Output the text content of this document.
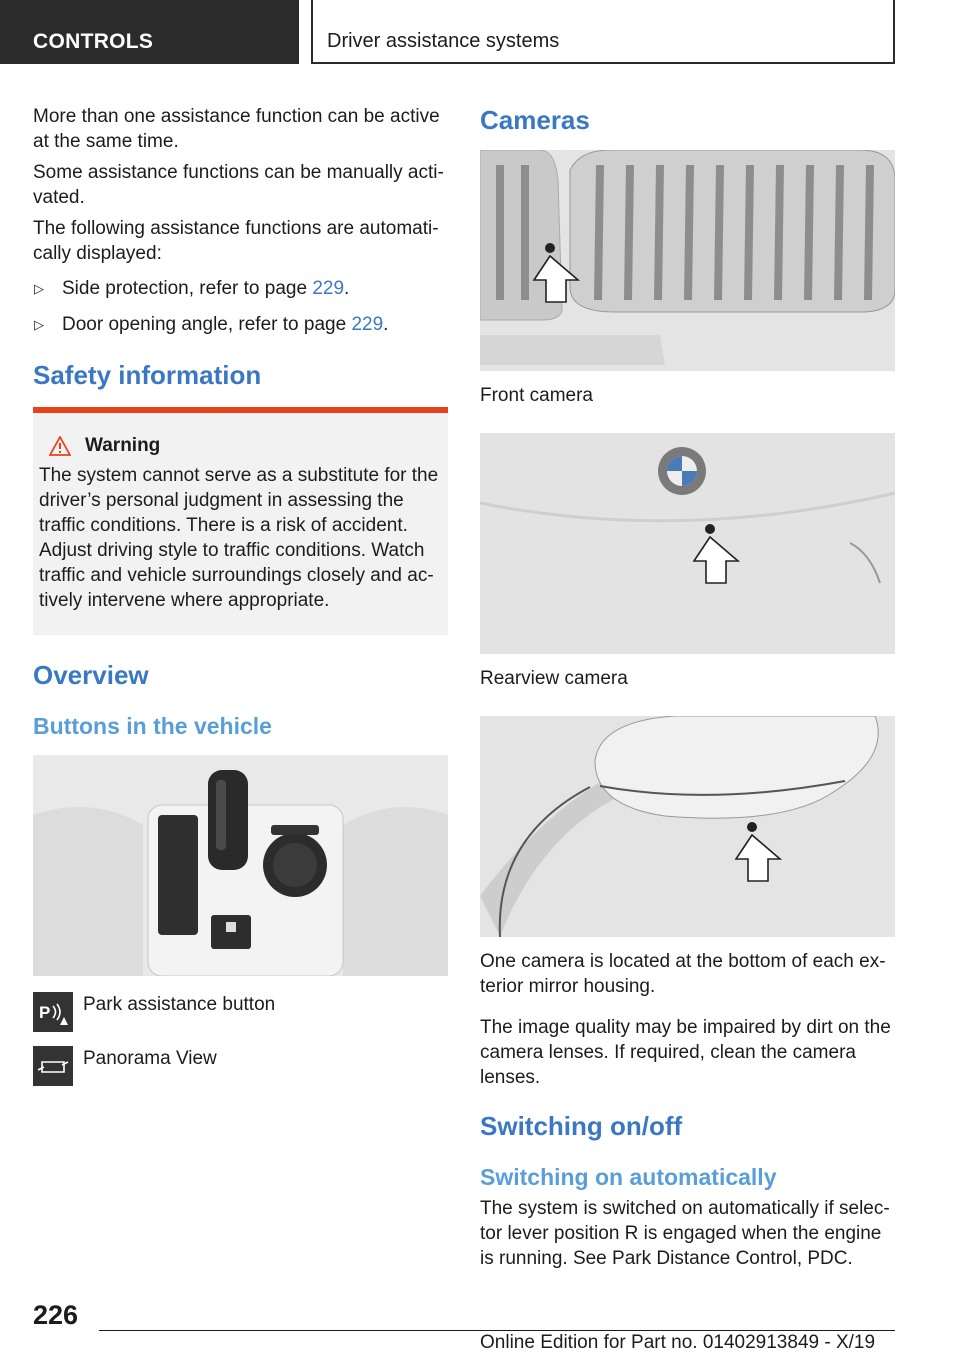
CONTROLS	Driver assistance systems

More than one assistance function can be active at the same time.

Some assistance functions can be manually acti‐vated.

The following assistance functions are automati‐cally displayed:

▷ Side protection, refer to page 229.
▷ Door opening angle, refer to page 229.
Safety information
Warning

The system cannot serve as a substitute for the driver’s personal judgment in assessing the traffic conditions. There is a risk of accident. Adjust driving style to traffic conditions. Watch traffic and vehicle surroundings closely and ac‐tively intervene where appropriate.

Overview
Buttons in the vehicle
P Park assistance button
Panorama View
Cameras
Front camera
Rearview camera

One camera is located at the bottom of each ex‐terior mirror housing.

The image quality may be impaired by dirt on the camera lenses. If required, clean the camera lenses.

Switching on/off
Switching on automatically

The system is switched on automatically if selec‐tor lever position R is engaged when the engine is running. See Park Distance Control, PDC.

226
Online Edition for Part no. 01402913849 - X/19
